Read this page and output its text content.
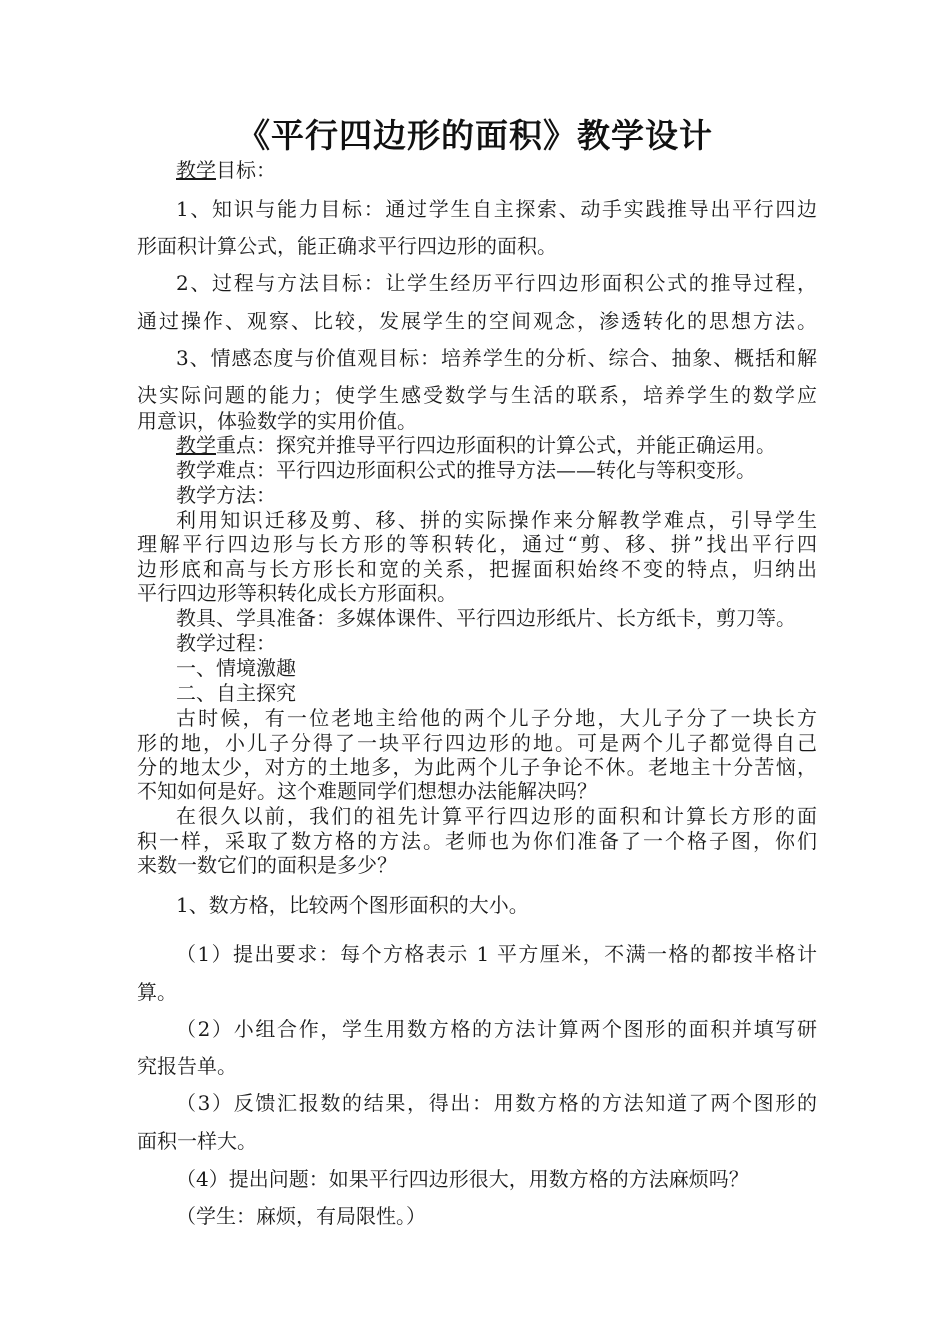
《平行四边形的面积》教学设计
教学目标：
1、知识与能力目标：通过学生自主探索、动手实践推导出平行四边
形面积计算公式，能正确求平行四边形的面积。
2、过程与方法目标：让学生经历平行四边形面积公式的推导过程，
通过操作、观察、比较，发展学生的空间观念，渗透转化的思想方法。
3、情感态度与价值观目标：培养学生的分析、综合、抽象、概括和解
决实际问题的能力；使学生感受数学与生活的联系，培养学生的数学应
用意识，体验数学的实用价值。
教学重点：探究并推导平行四边形面积的计算公式，并能正确运用。
教学难点：平行四边形面积公式的推导方法——转化与等积变形。
教学方法：
利用知识迁移及剪、移、拼的实际操作来分解教学难点，引导学生
理解平行四边形与长方形的等积转化，通过“剪、移、拼”找出平行四
边形底和高与长方形长和宽的关系，把握面积始终不变的特点，归纳出
平行四边形等积转化成长方形面积。
教具、学具准备：多媒体课件、平行四边形纸片、长方纸卡，剪刀等。
教学过程：
一、情境激趣
二、自主探究
古时候，有一位老地主给他的两个儿子分地，大儿子分了一块长方
形的地，小儿子分得了一块平行四边形的地。可是两个儿子都觉得自己
分的地太少，对方的土地多，为此两个儿子争论不休。老地主十分苦恼，
不知如何是好。这个难题同学们想想办法能解决吗？
在很久以前，我们的祖先计算平行四边形的面积和计算长方形的面
积一样，采取了数方格的方法。老师也为你们准备了一个格子图，你们
来数一数它们的面积是多少？
1、数方格，比较两个图形面积的大小。
（1）提出要求：每个方格表示 1 平方厘米，不满一格的都按半格计
算。
（2）小组合作，学生用数方格的方法计算两个图形的面积并填写研
究报告单。
（3）反馈汇报数的结果，得出：用数方格的方法知道了两个图形的
面积一样大。
（4）提出问题：如果平行四边形很大，用数方格的方法麻烦吗？
（学生：麻烦，有局限性。）
